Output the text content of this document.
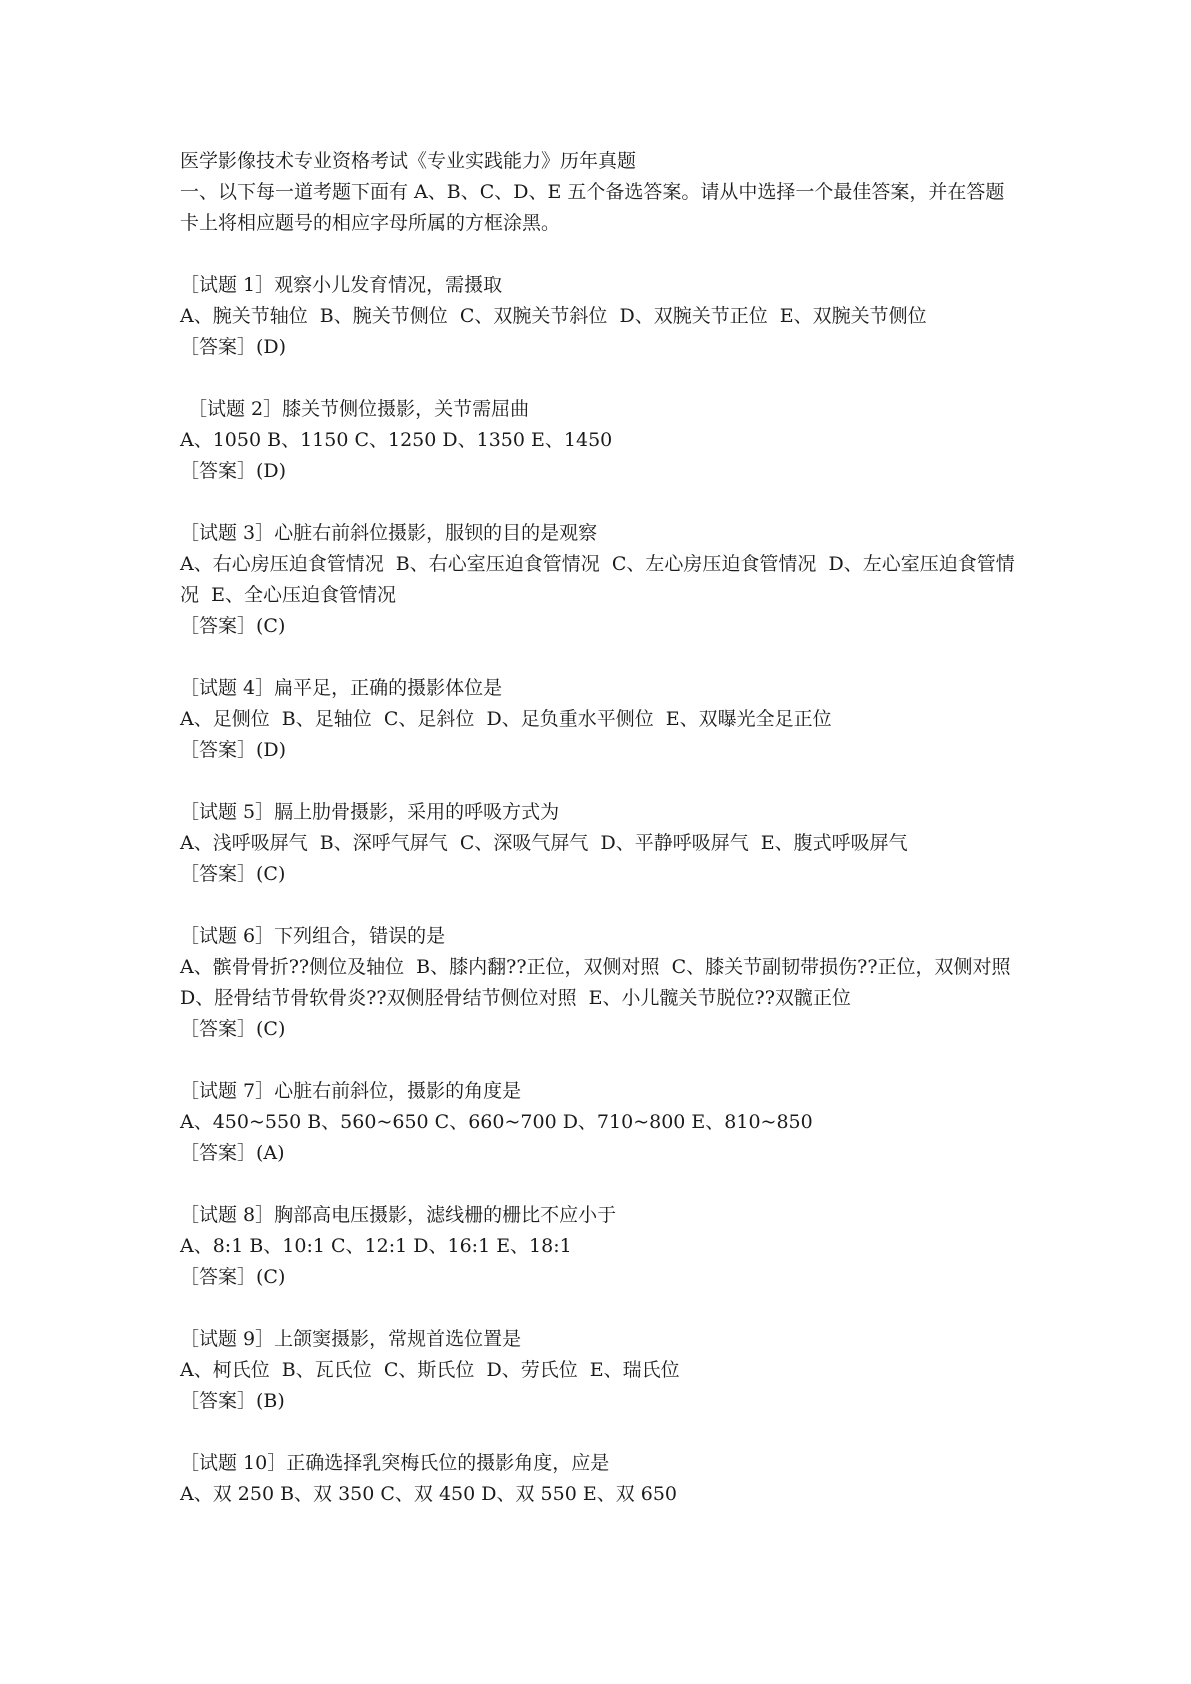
医学影像技术专业资格考试《专业实践能力》历年真题
一、以下每一道考题下面有 A、B、C、D、E 五个备选答案。请从中选择一个最佳答案，并在答题卡上将相应题号的相应字母所属的方框涂黑。
［试题 1］观察小儿发育情况，需摄取
A、腕关节轴位  B、腕关节侧位  C、双腕关节斜位  D、双腕关节正位  E、双腕关节侧位
［答案］(D)
［试题 2］膝关节侧位摄影，关节需屈曲
A、1050 B、1150 C、1250 D、1350 E、1450
［答案］(D)
［试题 3］心脏右前斜位摄影，服钡的目的是观察
A、右心房压迫食管情况  B、右心室压迫食管情况  C、左心房压迫食管情况  D、左心室压迫食管情况  E、全心压迫食管情况
［答案］(C)
［试题 4］扁平足，正确的摄影体位是
A、足侧位  B、足轴位  C、足斜位  D、足负重水平侧位  E、双曝光全足正位
［答案］(D)
［试题 5］膈上肋骨摄影，采用的呼吸方式为
A、浅呼吸屏气  B、深呼气屏气  C、深吸气屏气  D、平静呼吸屏气  E、腹式呼吸屏气
［答案］(C)
［试题 6］下列组合，错误的是
A、髌骨骨折??侧位及轴位  B、膝内翻??正位，双侧对照  C、膝关节副韧带损伤??正位，双侧对照  D、胫骨结节骨软骨炎??双侧胫骨结节侧位对照  E、小儿髋关节脱位??双髋正位
［答案］(C)
［试题 7］心脏右前斜位，摄影的角度是
A、450~550 B、560~650 C、660~700 D、710~800 E、810~850
［答案］(A)
［试题 8］胸部高电压摄影，滤线栅的栅比不应小于
A、8:1 B、10:1 C、12:1 D、16:1 E、18:1
［答案］(C)
［试题 9］上颌窦摄影，常规首选位置是
A、柯氏位  B、瓦氏位  C、斯氏位  D、劳氏位  E、瑞氏位
［答案］(B)
［试题 10］正确选择乳突梅氏位的摄影角度，应是
A、双 250 B、双 350 C、双 450 D、双 550 E、双 650
